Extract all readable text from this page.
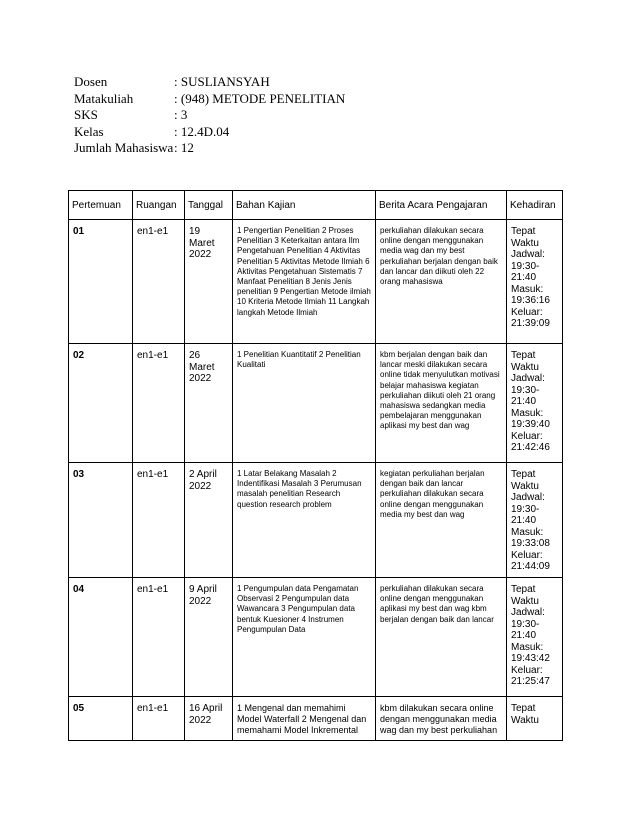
Dosen	: SUSLIANSYAH
Matakuliah	: (948) METODE PENELITIAN
SKS	: 3
Kelas	: 12.4D.04
Jumlah Mahasiswa : 12
Pertemuan	Ruangan	Tanggal	Bahan Kajian	Berita Acara Pengajaran	Kehadiran
01	en1-e1	19 Maret 2022	1 Pengertian Penelitian 2 Proses Penelitian 3 Keterkaitan antara Ilm Pengetahuan Penelitian 4 Aktivitas Penelitian 5 Aktivitas Metode Ilmiah 6 Aktivitas Pengetahuan Sistematis 7 Manfaat Penelitian 8 Jenis Jenis penelitian 9 Pengertian Metode ilmiah 10 Kriteria Metode Ilmiah 11 Langkah langkah Metode Ilmiah	perkuliahan dilakukan secara online dengan menggunakan media wag dan my best perkuliahan berjalan dengan baik dan lancar dan diikuti oleh 22 orang mahasiswa	Tepat Waktu Jadwal: 19:30-21:40 Masuk: 19:36:16 Keluar: 21:39:09
02	en1-e1	26 Maret 2022	1 Penelitian Kuantitatif 2 Penelitian Kualitati	kbm berjalan dengan baik dan lancar meski dilakukan secara online tidak menyulutkan motivasi belajar mahasiswa kegiatan perkuliahan diikuti oleh 21 orang mahasiswa sedangkan media pembelajaran menggunakan aplikasi my best dan wag	Tepat Waktu Jadwal: 19:30-21:40 Masuk: 19:39:40 Keluar: 21:42:46
03	en1-e1	2 April 2022	1 Latar Belakang Masalah 2 Indentifikasi Masalah 3 Perumusan masalah penelitian Research question research problem	kegiatan perkuliahan berjalan dengan baik dan lancar perkuliahan dilakukan secara online dengan menggunakan media my best dan wag	Tepat Waktu Jadwal: 19:30-21:40 Masuk: 19:33:08 Keluar: 21:44:09
04	en1-e1	9 April 2022	1 Pengumpulan data Pengamatan Observasi 2 Pengumpulan data Wawancara 3 Pengumpulan data bentuk Kuesioner 4 Instrumen Pengumpulan Data	perkuliahan dilakukan secara online dengan menggunakan aplikasi my best dan wag kbm berjalan dengan baik dan lancar	Tepat Waktu Jadwal: 19:30-21:40 Masuk: 19:43:42 Keluar: 21:25:47
05	en1-e1	16 April 2022	1 Mengenal dan memahimi Model Waterfall 2 Mengenal dan memahami Model Inkremental	kbm dilakukan secara online dengan menggunakan media wag dan my best perkuliahan	Tepat Waktu
